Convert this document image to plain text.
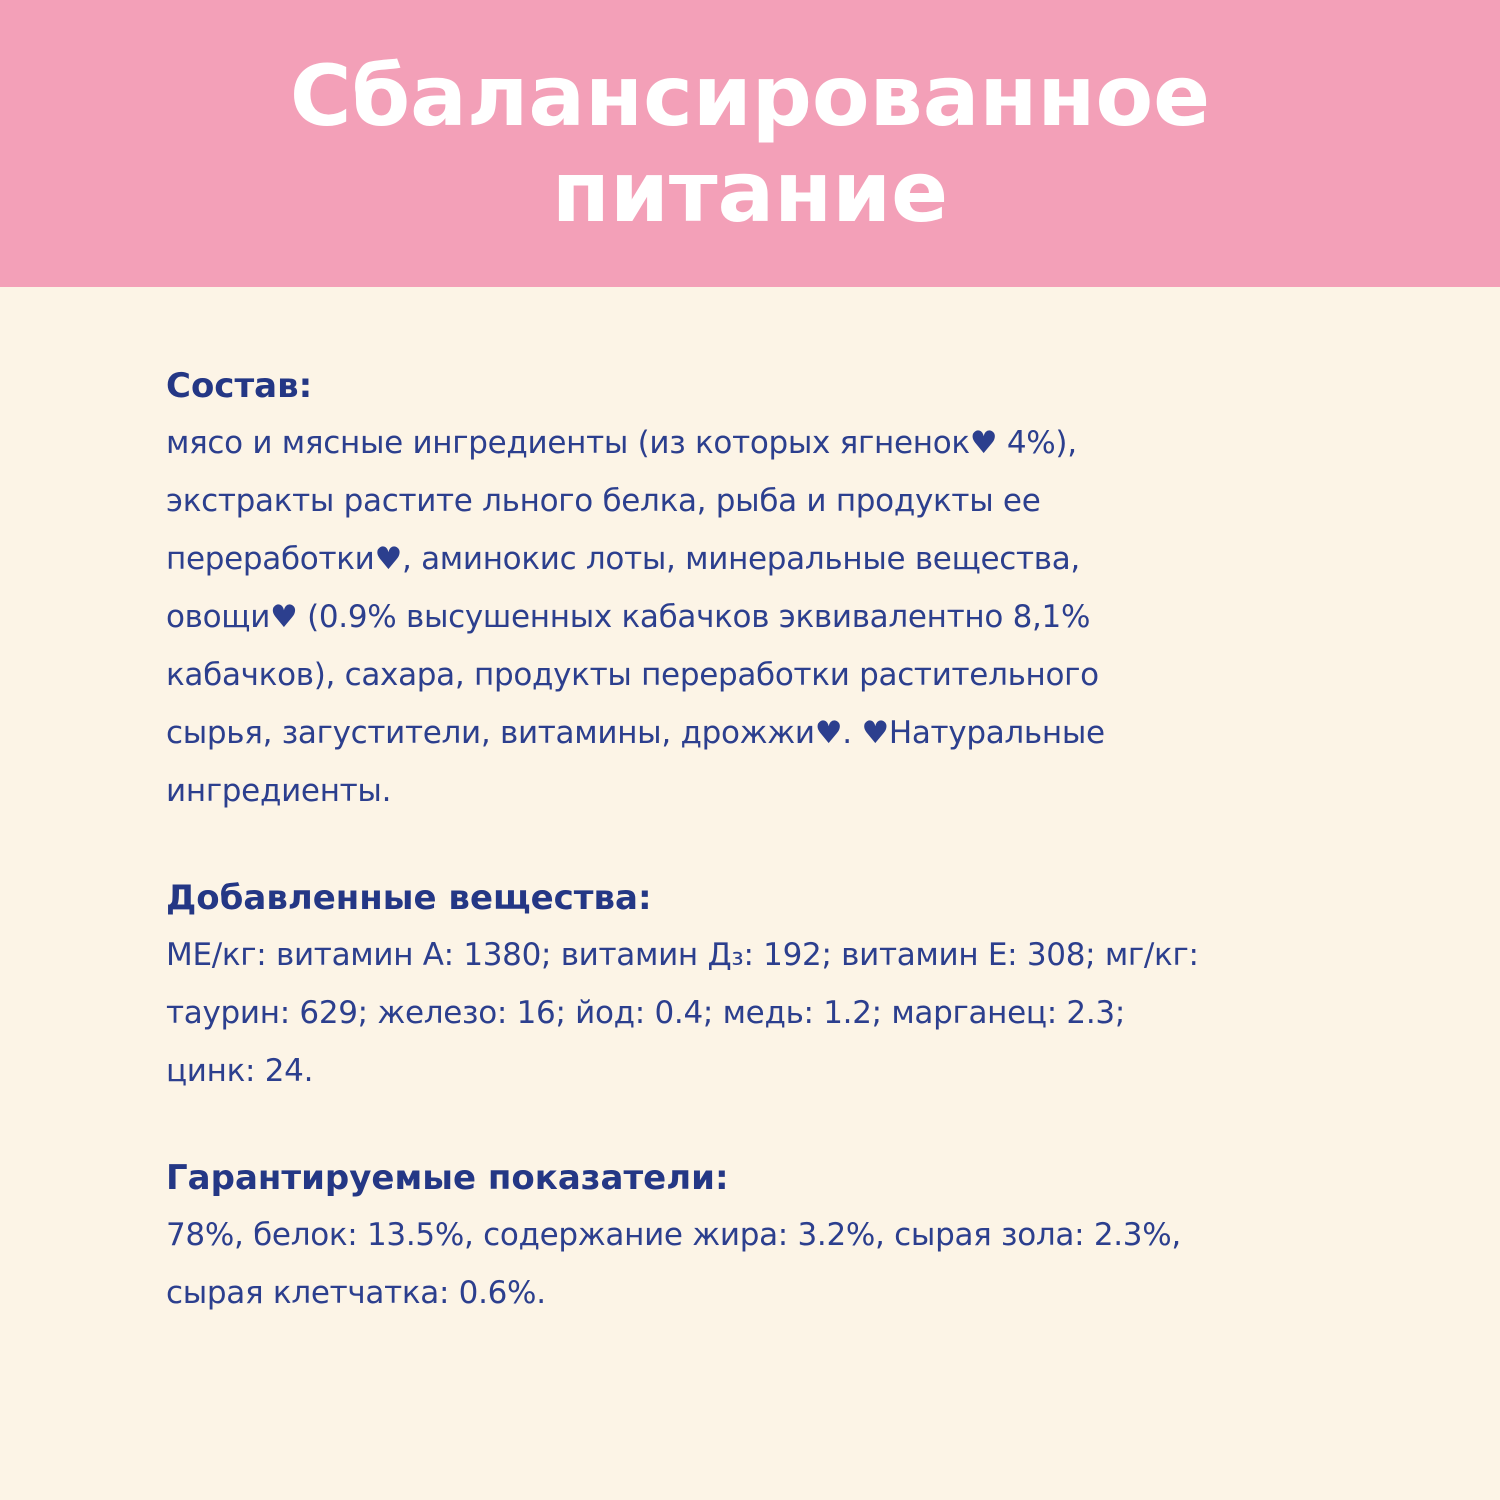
Сбалансированное
питание
Состав:

мясо и мясные ингредиенты (из которых ягненок♥ 4%),
экстракты растите льного белка, рыба и продукты ее
переработки♥, аминокис лоты, минеральные вещества,
овощи♥ (0.9% высушенных кабачков эквивалентно 8,1%
кабачков), сахара, продукты переработки растительного
сырья, загустители, витамины, дрожжи♥. ♥Натуральные
ингредиенты.

Добавленные вещества:

МЕ/кг: витамин А: 1380; витамин Д₃: 192; витамин Е: 308; мг/кг:
таурин: 629; железо: 16; йод: 0.4; медь: 1.2; марганец: 2.3;
цинк: 24.

Гарантируемые показатели:

78%, белок: 13.5%, содержание жира: 3.2%, сырая зола: 2.3%,
сырая клетчатка: 0.6%.
